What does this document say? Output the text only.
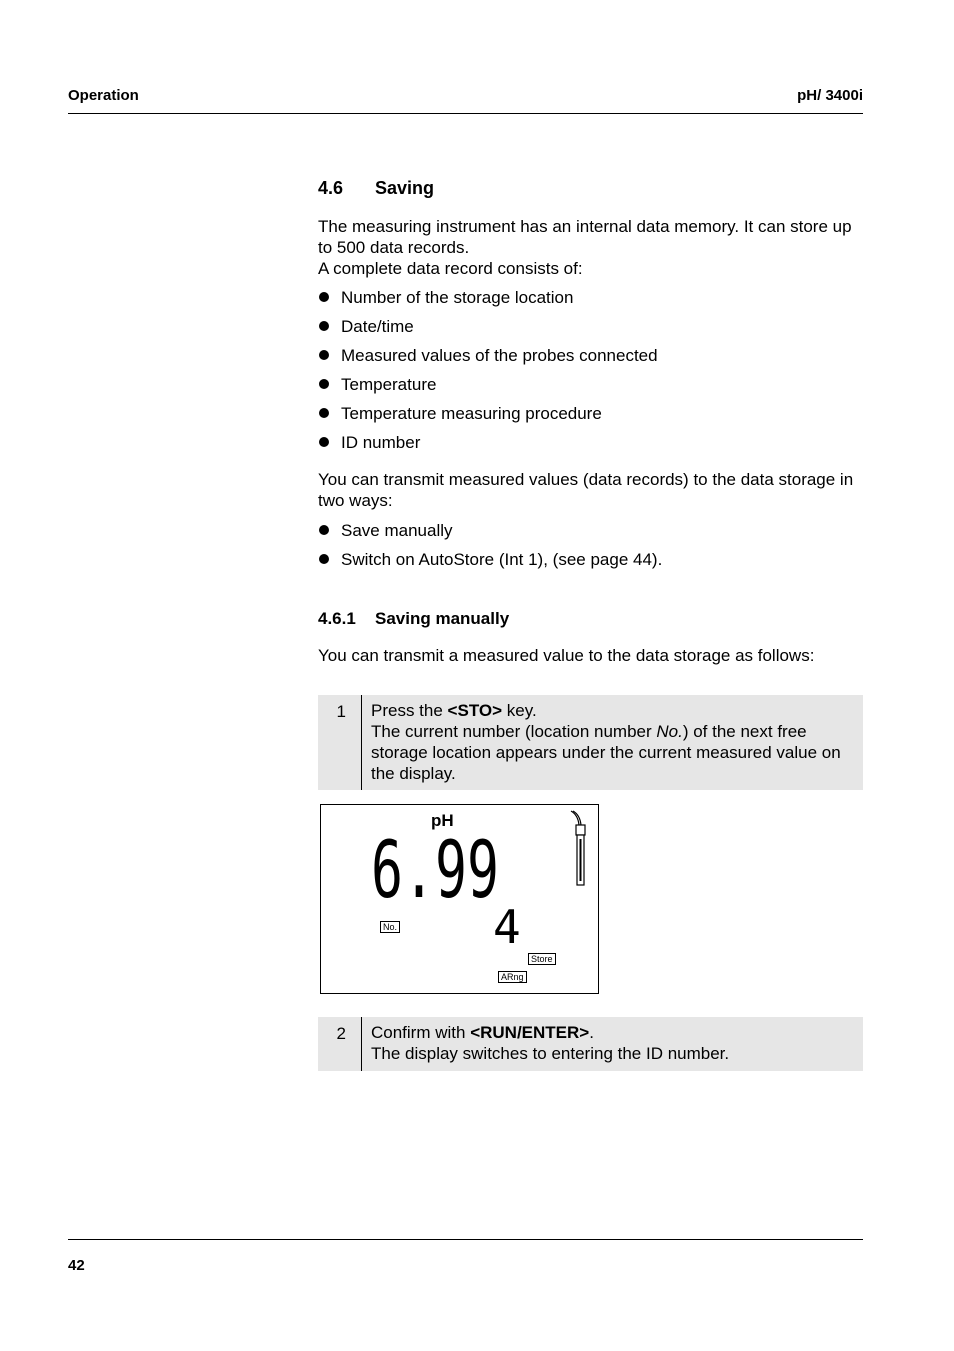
Operation	pH/ 3400i
4.6 Saving

The measuring instrument has an internal data memory. It can store up to 500 data records.

A complete data record consists of:

Number of the storage location
Date/time
Measured values of the probes connected
Temperature
Temperature measuring procedure
ID number

You can transmit measured values (data records) to the data storage in two ways:

Save manually
Switch on AutoStore (Int 1), (see page 44).
4.6.1 Saving manually

You can transmit a measured value to the data storage as follows:

1 Press the <STO> key.
The current number (location number No.) of the next free storage location appears under the current measured value on the display.
pH
6.99
4
No.
Store
ARng
2 Confirm with <RUN/ENTER>.
The display switches to entering the ID number.
42
